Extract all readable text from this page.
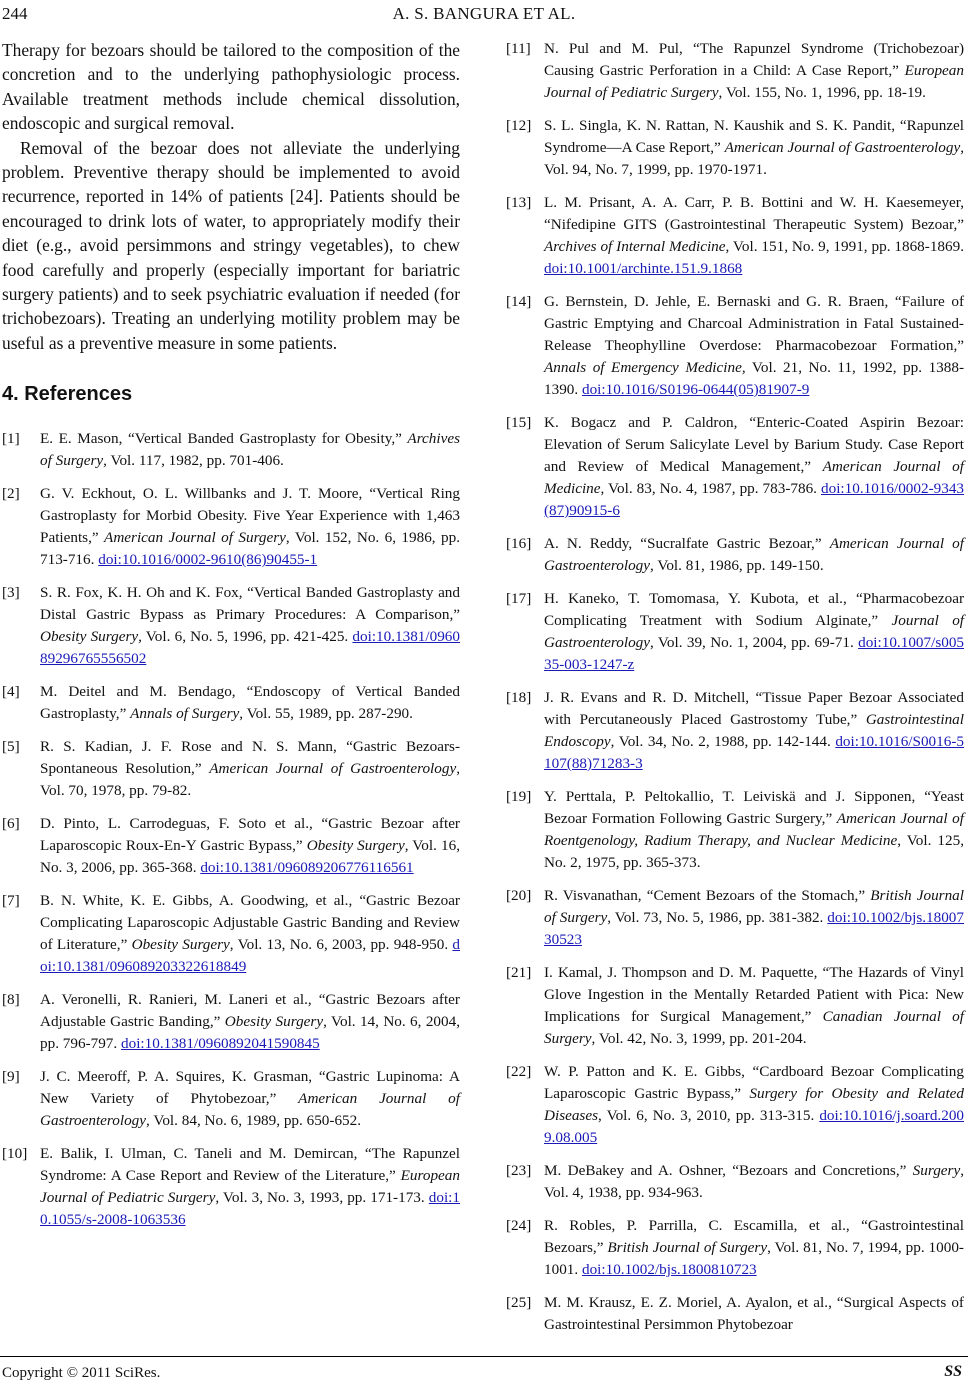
244	A. S. BANGURA ET AL.

Therapy for bezoars should be tailored to the composition of the concretion and to the underlying pathophysiologic process. Available treatment methods include chemical dissolution, endoscopic and surgical removal.

Removal of the bezoar does not alleviate the underlying problem. Preventive therapy should be implemented to avoid recurrence, reported in 14% of patients [24]. Patients should be encouraged to drink lots of water, to appropriately modify their diet (e.g., avoid persimmons and stringy vegetables), to chew food carefully and properly (especially important for bariatric surgery patients) and to seek psychiatric evaluation if needed (for trichobezoars). Treating an underlying motility problem may be useful as a preventive measure in some patients.

4. References
[1] E. E. Mason, “Vertical Banded Gastroplasty for Obesity,” Archives of Surgery, Vol. 117, 1982, pp. 701-406.
[2] G. V. Eckhout, O. L. Willbanks and J. T. Moore, “Vertical Ring Gastroplasty for Morbid Obesity. Five Year Experience with 1,463 Patients,” American Journal of Surgery, Vol. 152, No. 6, 1986, pp. 713-716. doi:10.1016/0002-9610(86)90455-1
[3] S. R. Fox, K. H. Oh and K. Fox, “Vertical Banded Gastroplasty and Distal Gastric Bypass as Primary Procedures: A Comparison,” Obesity Surgery, Vol. 6, No. 5, 1996, pp. 421-425. doi:10.1381/096089296765556502
[4] M. Deitel and M. Bendago, “Endoscopy of Vertical Banded Gastroplasty,” Annals of Surgery, Vol. 55, 1989, pp. 287-290.
[5] R. S. Kadian, J. F. Rose and N. S. Mann, “Gastric Bezoars-Spontaneous Resolution,” American Journal of Gastroenterology, Vol. 70, 1978, pp. 79-82.
[6] D. Pinto, L. Carrodeguas, F. Soto et al., “Gastric Bezoar after Laparoscopic Roux-En-Y Gastric Bypass,” Obesity Surgery, Vol. 16, No. 3, 2006, pp. 365-368. doi:10.1381/096089206776116561
[7] B. N. White, K. E. Gibbs, A. Goodwing, et al., “Gastric Bezoar Complicating Laparoscopic Adjustable Gastric Banding and Review of Literature,” Obesity Surgery, Vol. 13, No. 6, 2003, pp. 948-950. doi:10.1381/096089203322618849
[8] A. Veronelli, R. Ranieri, M. Laneri et al., “Gastric Bezoars after Adjustable Gastric Banding,” Obesity Surgery, Vol. 14, No. 6, 2004, pp. 796-797. doi:10.1381/0960892041590845
[9] J. C. Meeroff, P. A. Squires, K. Grasman, “Gastric Lupinoma: A New Variety of Phytobezoar,” American Journal of Gastroenterology, Vol. 84, No. 6, 1989, pp. 650-652.
[10] E. Balik, I. Ulman, C. Taneli and M. Demircan, “The Rapunzel Syndrome: A Case Report and Review of the Literature,” European Journal of Pediatric Surgery, Vol. 3, No. 3, 1993, pp. 171-173. doi:10.1055/s-2008-1063536
[11] N. Pul and M. Pul, “The Rapunzel Syndrome (Trichobezoar) Causing Gastric Perforation in a Child: A Case Report,” European Journal of Pediatric Surgery, Vol. 155, No. 1, 1996, pp. 18-19.
[12] S. L. Singla, K. N. Rattan, N. Kaushik and S. K. Pandit, “Rapunzel Syndrome—A Case Report,” American Journal of Gastroenterology, Vol. 94, No. 7, 1999, pp. 1970-1971.
[13] L. M. Prisant, A. A. Carr, P. B. Bottini and W. H. Kaesemeyer, “Nifedipine GITS (Gastrointestinal Therapeutic System) Bezoar,” Archives of Internal Medicine, Vol. 151, No. 9, 1991, pp. 1868-1869. doi:10.1001/archinte.151.9.1868
[14] G. Bernstein, D. Jehle, E. Bernaski and G. R. Braen, “Failure of Gastric Emptying and Charcoal Administration in Fatal Sustained-Release Theophylline Overdose: Pharmacobezoar Formation,” Annals of Emergency Medicine, Vol. 21, No. 11, 1992, pp. 1388-1390. doi:10.1016/S0196-0644(05)81907-9
[15] K. Bogacz and P. Caldron, “Enteric-Coated Aspirin Bezoar: Elevation of Serum Salicylate Level by Barium Study. Case Report and Review of Medical Management,” American Journal of Medicine, Vol. 83, No. 4, 1987, pp. 783-786. doi:10.1016/0002-9343(87)90915-6
[16] A. N. Reddy, “Sucralfate Gastric Bezoar,” American Journal of Gastroenterology, Vol. 81, 1986, pp. 149-150.
[17] H. Kaneko, T. Tomomasa, Y. Kubota, et al., “Pharmacobezoar Complicating Treatment with Sodium Alginate,” Journal of Gastroenterology, Vol. 39, No. 1, 2004, pp. 69-71. doi:10.1007/s00535-003-1247-z
[18] J. R. Evans and R. D. Mitchell, “Tissue Paper Bezoar Associated with Percutaneously Placed Gastrostomy Tube,” Gastrointestinal Endoscopy, Vol. 34, No. 2, 1988, pp. 142-144. doi:10.1016/S0016-5107(88)71283-3
[19] Y. Perttala, P. Peltokallio, T. Leiviskä and J. Sipponen, “Yeast Bezoar Formation Following Gastric Surgery,” American Journal of Roentgenology, Radium Therapy, and Nuclear Medicine, Vol. 125, No. 2, 1975, pp. 365-373.
[20] R. Visvanathan, “Cement Bezoars of the Stomach,” British Journal of Surgery, Vol. 73, No. 5, 1986, pp. 381-382. doi:10.1002/bjs.1800730523
[21] I. Kamal, J. Thompson and D. M. Paquette, “The Hazards of Vinyl Glove Ingestion in the Mentally Retarded Patient with Pica: New Implications for Surgical Management,” Canadian Journal of Surgery, Vol. 42, No. 3, 1999, pp. 201-204.
[22] W. P. Patton and K. E. Gibbs, “Cardboard Bezoar Complicating Laparoscopic Gastric Bypass,” Surgery for Obesity and Related Diseases, Vol. 6, No. 3, 2010, pp. 313-315. doi:10.1016/j.soard.2009.08.005
[23] M. DeBakey and A. Oshner, “Bezoars and Concretions,” Surgery, Vol. 4, 1938, pp. 934-963.
[24] R. Robles, P. Parrilla, C. Escamilla, et al., “Gastrointestinal Bezoars,” British Journal of Surgery, Vol. 81, No. 7, 1994, pp. 1000-1001. doi:10.1002/bjs.1800810723
[25] M. M. Krausz, E. Z. Moriel, A. Ayalon, et al., “Surgical Aspects of Gastrointestinal Persimmon Phytobezoar
Copyright © 2011 SciRes.	SS
